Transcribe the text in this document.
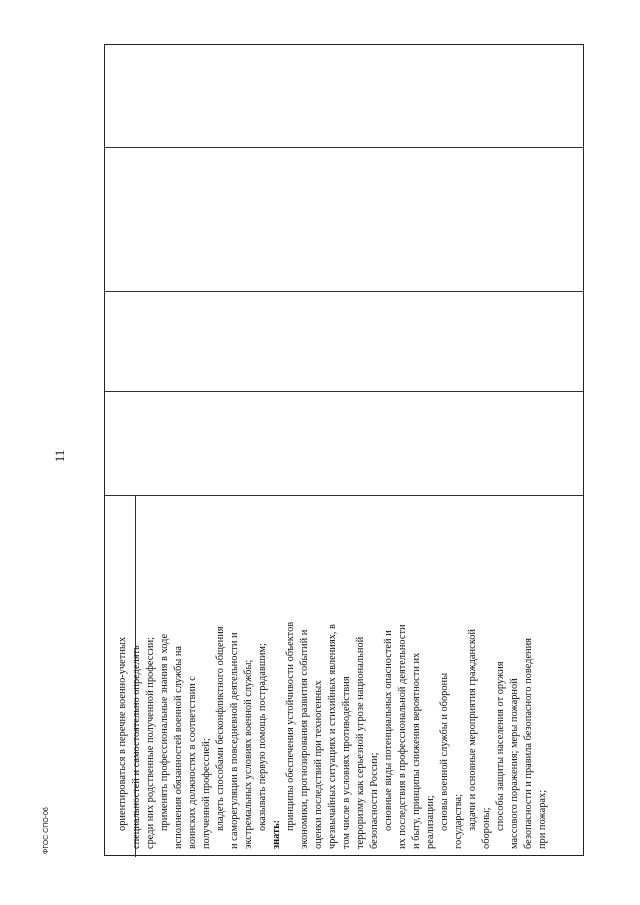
11
ориентироваться в перечне военно-учетных специальностей и самостоятельно определять среди них родственные полученной профессии; применять профессиональные знания в ходе исполнения обязанностей военной службы на воинских должностях в соответствии с полученной профессией; владеть способами бесконфликтного общения и саморегуляции в повседневной деятельности и экстремальных условиях военной службы; оказывать первую помощь пострадавшим;
знать:
принципы обеспечения устойчивости объектов экономики, прогнозирования развития событий и оценки последствий при техногенных чрезвычайных ситуациях и стихийных явлениях, в том числе в условиях противодействия терроризму как серьезной угрозе национальной безопасности России; основные виды потенциальных опасностей и их последствия в профессиональной деятельности и быту, принципы снижения вероятности их реализации; основы военной службы и обороны государства; задачи и основные мероприятия гражданской обороны; способы защиты населения от оружия массового поражения; меры пожарной безопасности и правила безопасного поведения при пожарах;
ФГОС СПО-06
